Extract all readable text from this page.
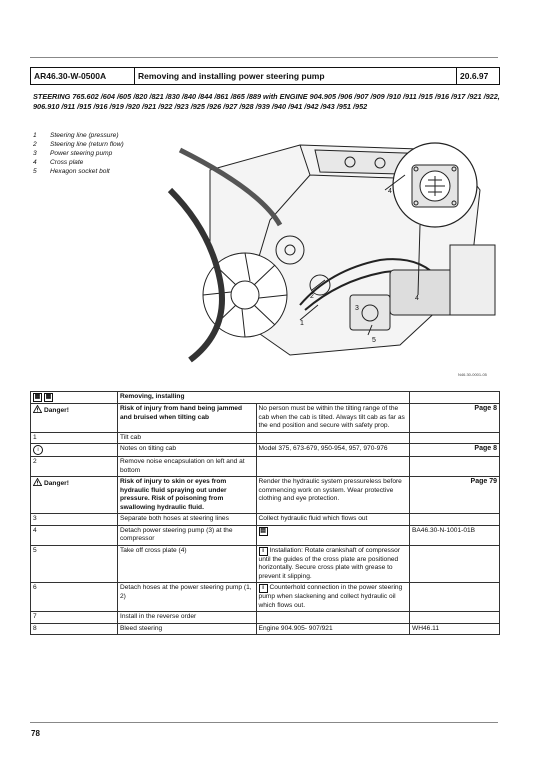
AR46.30-W-0500A	Removing and installing power steering pump	20.6.97
STEERING 765.602 /604 /605 /820 /821 /830 /840 /844 /861 /865 /889 with ENGINE 904.905 /906 /907 /909 /910 /911 /915 /916 /917 /921 /922, 906.910 /911 /915 /916 /919 /920 /921 /922 /923 /925 /926 /927 /928 /939 /940 /941 /942 /943 /951 /952
1 Steering line (pressure)
2 Steering line (return flow)
3 Power steering pump
4 Cross plate
5 Hexagon socket bolt
1
2
3
4
5
4
N46.30-0001-05
▦ ▦	Removing, installing		
Danger!	Risk of injury from hand being jammed and bruised when tilting cab	No person must be within the tilting range of the cab when the cab is tilted. Always tilt cab as far as the end position and secure with safety prop.	Page 8
1	Tilt cab		
i	Notes on tilting cab	Model 375, 673-679, 950-954, 957, 970-976	Page 8
2	Remove noise encapsulation on left and at bottom		
Danger!	Risk of injury to skin or eyes from hydraulic fluid spraying out under pressure. Risk of poisoning from swallowing hydraulic fluid.	Render the hydraulic system pressureless before commencing work on system. Wear protective clothing and eye protection.	Page 79
3	Separate both hoses at steering lines	Collect hydraulic fluid which flows out	
4	Detach power steering pump (3) at the compressor	▤	BA46.30-N-1001-01B
5	Take off cross plate (4)	i Installation: Rotate crankshaft of compressor until the guides of the cross plate are positioned horizontally. Secure cross plate with grease to prevent it slipping.	
6	Detach hoses at the power steering pump (1, 2)	i Counterhold connection in the power steering pump when slackening and collect hydraulic oil which flows out.	
7	Install in the reverse order		
8	Bleed steering	Engine 904.905- 907/921	WH46.11
78
